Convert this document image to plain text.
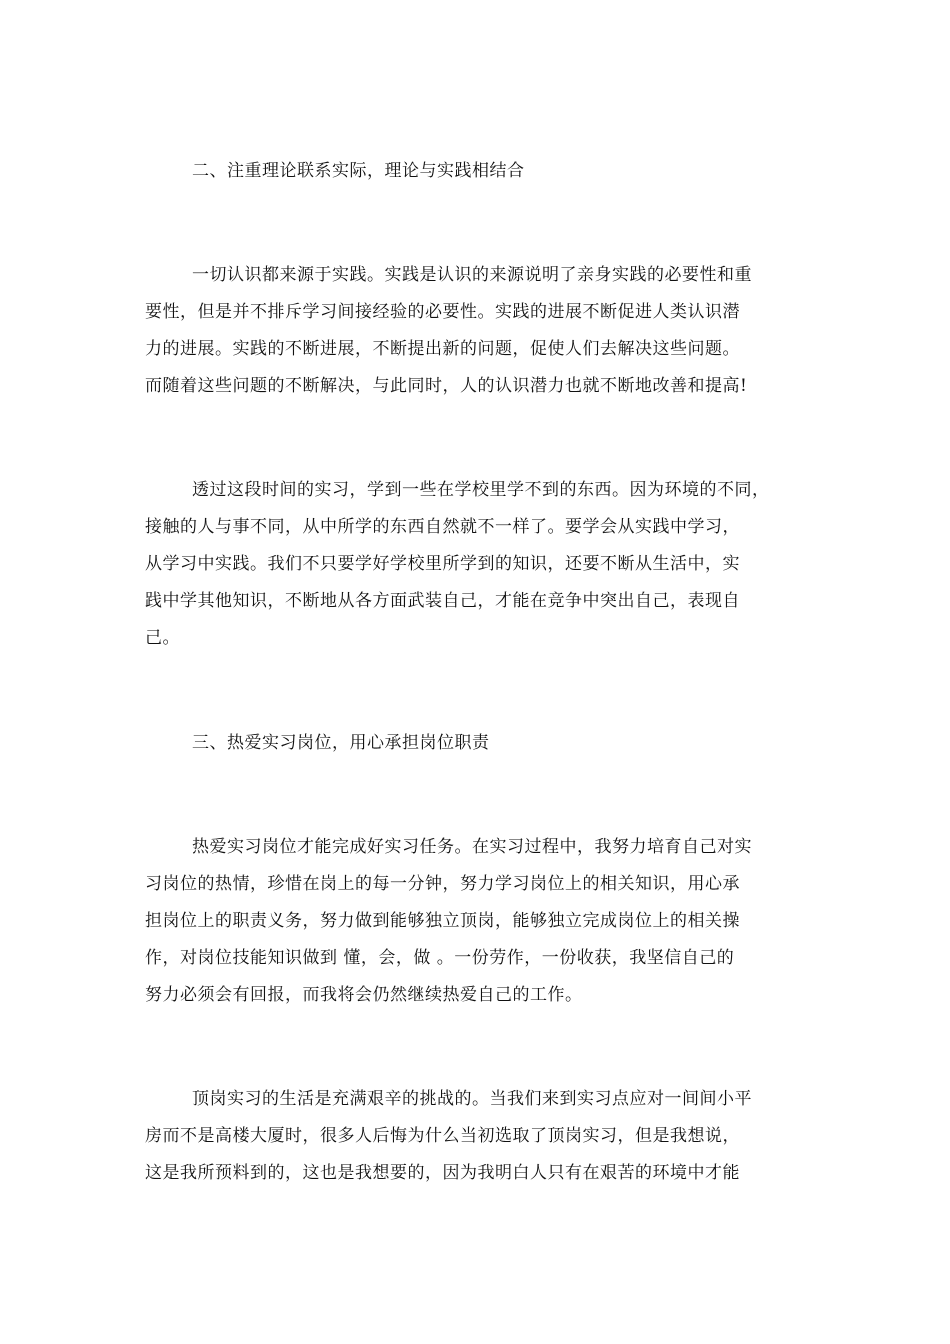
二、注重理论联系实际，理论与实践相结合
一切认识都来源于实践。实践是认识的来源说明了亲身实践的必要性和重
要性，但是并不排斥学习间接经验的必要性。实践的进展不断促进人类认识潜
力的进展。实践的不断进展，不断提出新的问题，促使人们去解决这些问题。
而随着这些问题的不断解决，与此同时，人的认识潜力也就不断地改善和提高!
透过这段时间的实习，学到一些在学校里学不到的东西。因为环境的不同，
接触的人与事不同，从中所学的东西自然就不一样了。要学会从实践中学习，
从学习中实践。我们不只要学好学校里所学到的知识，还要不断从生活中，实
践中学其他知识，不断地从各方面武装自己，才能在竞争中突出自己，表现自
己。
三、热爱实习岗位，用心承担岗位职责
热爱实习岗位才能完成好实习任务。在实习过程中，我努力培育自己对实
习岗位的热情，珍惜在岗上的每一分钟，努力学习岗位上的相关知识，用心承
担岗位上的职责义务，努力做到能够独立顶岗，能够独立完成岗位上的相关操
作，对岗位技能知识做到 懂，会，做 。一份劳作，一份收获，我坚信自己的
努力必须会有回报，而我将会仍然继续热爱自己的工作。
顶岗实习的生活是充满艰辛的挑战的。当我们来到实习点应对一间间小平
房而不是高楼大厦时，很多人后悔为什么当初选取了顶岗实习，但是我想说，
这是我所预料到的，这也是我想要的，因为我明白人只有在艰苦的环境中才能
